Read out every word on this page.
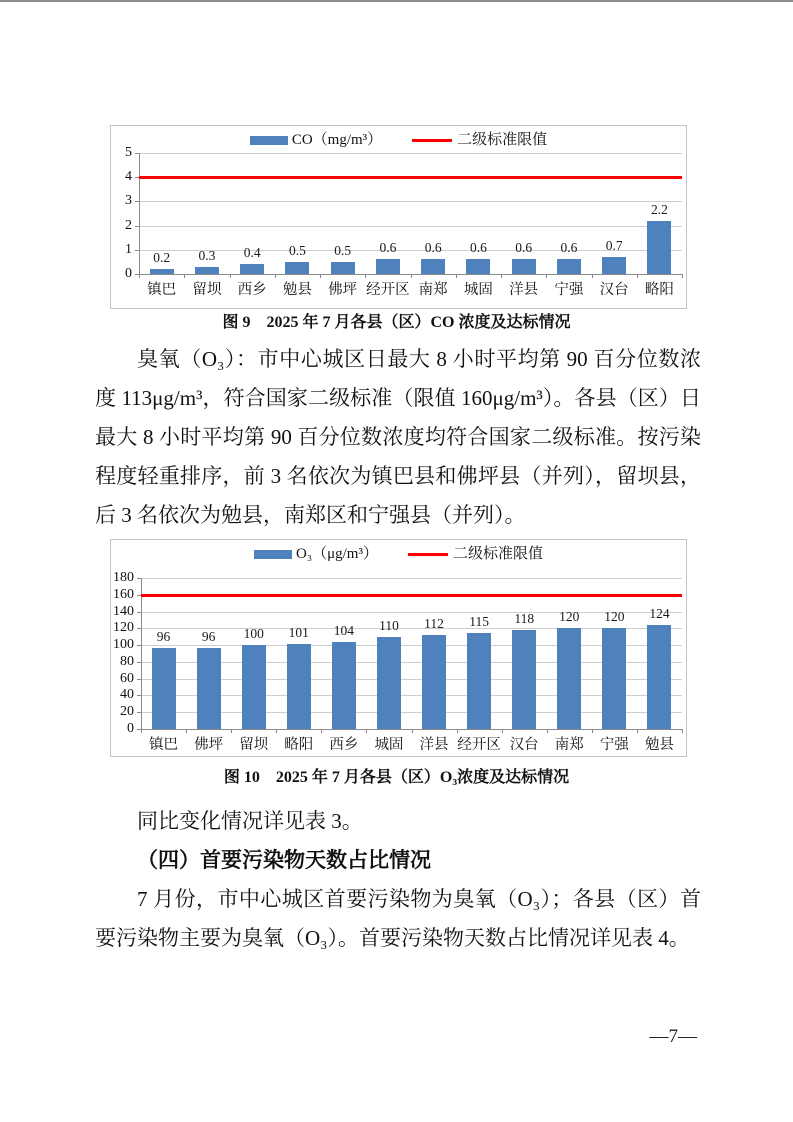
CO（mg/m³）	二级标准限值
0
1
2
3
4
5
0.2
镇巴
0.3
留坝
0.4
西乡
0.5
勉县
0.5
佛坪
0.6
经开区
0.6
南郑
0.6
城固
0.6
洋县
0.6
宁强
0.7
汉台
2.2
略阳
图 9　2025 年 7 月各县（区）CO 浓度及达标情况
臭氧（O₃）：市中心城区日最大 8 小时平均第 90 百分位数浓度 113μg/m³，符合国家二级标准（限值 160μg/m³）。各县（区）日最大 8 小时平均第 90 百分位数浓度均符合国家二级标准。按污染程度轻重排序，前 3 名依次为镇巴县和佛坪县（并列），留坝县，后 3 名依次为勉县，南郑区和宁强县（并列）。
O₃（μg/m³）	二级标准限值
0
20
40
60
80
100
120
140
160
180
96
镇巴
96
佛坪
100
留坝
101
略阳
104
西乡
110
城固
112
洋县
115
经开区
118
汉台
120
南郑
120
宁强
124
勉县
图 10　2025 年 7 月各县（区）O₃浓度及达标情况
同比变化情况详见表 3。
（四）首要污染物天数占比情况
7 月份，市中心城区首要污染物为臭氧（O₃）；各县（区）首要污染物主要为臭氧（O₃）。首要污染物天数占比情况详见表 4。
—7—
